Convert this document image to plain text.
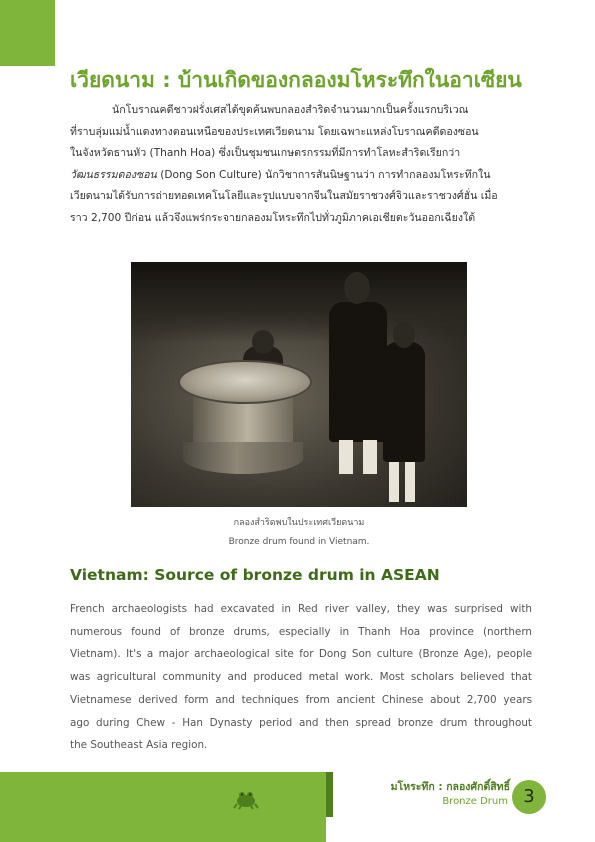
เวียดนาม : บ้านเกิดของกลองมโหระทึกในอาเซียน
นักโบราณคดีชาวฝรั่งเศสได้ขุดค้นพบกลองสำริดจำนวนมากเป็นครั้งแรกบริเวณ
ที่ราบลุ่มแม่น้ำแดงทางตอนเหนือของประเทศเวียดนาม โดยเฉพาะแหล่งโบราณคดีดองซอน
ในจังหวัดธานหัว (Thanh Hoa) ซึ่งเป็นชุมชนเกษตรกรรมที่มีการทำโลหะสำริดเรียกว่า
วัฒนธรรมดองซอน (Dong Son Culture) นักวิชาการสันนิษฐานว่า การทำกลองมโหระทึกใน
เวียดนามได้รับการถ่ายทอดเทคโนโลยีและรูปแบบจากจีนในสมัยราชวงศ์จิวและราชวงศ์ฮั่น เมื่อ
ราว 2,700 ปีก่อน แล้วจึงแพร่กระจายกลองมโหระทึกไปทั่วภูมิภาคเอเชียตะวันออกเฉียงใต้
กลองสำริดพบในประเทศเวียดนาม
Bronze drum found in Vietnam.
Vietnam: Source of bronze drum in ASEAN
French archaeologists had excavated in Red river valley, they was surprised with
numerous found of bronze drums, especially in Thanh Hoa province (northern
Vietnam). It's a major archaeological site for Dong Son culture (Bronze Age), people
was agricultural community and produced metal work. Most scholars believed that
Vietnamese derived form and techniques from ancient Chinese about 2,700 years
ago during Chew - Han Dynasty period and then spread bronze drum throughout
the Southeast Asia region.
มโหระทึก : กลองศักดิ์สิทธิ์
Bronze Drum 3
